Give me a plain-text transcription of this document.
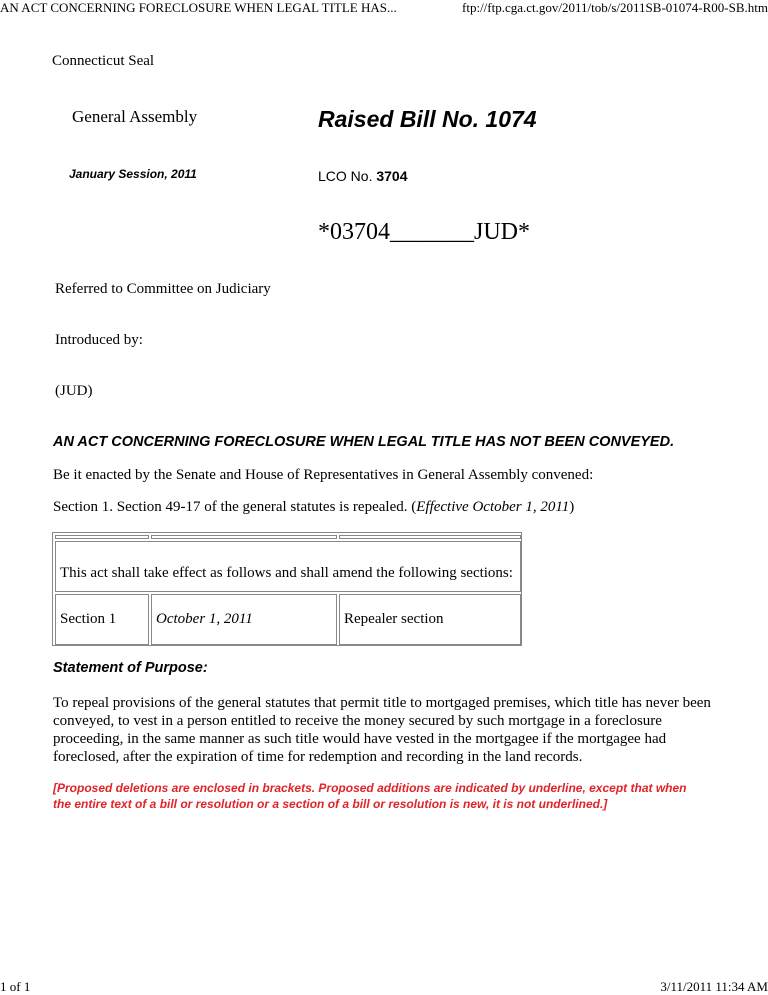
AN ACT CONCERNING FORECLOSURE WHEN LEGAL TITLE HAS...	ftp://ftp.cga.ct.gov/2011/tob/s/2011SB-01074-R00-SB.htm
Connecticut Seal
General Assembly	Raised Bill No. 1074
January Session, 2011	LCO No. 3704
*03704_______JUD*
Referred to Committee on Judiciary
Introduced by:
(JUD)
AN ACT CONCERNING FORECLOSURE WHEN LEGAL TITLE HAS NOT BEEN CONVEYED.
Be it enacted by the Senate and House of Representatives in General Assembly convened:
Section 1. Section 49-17 of the general statutes is repealed. (Effective October 1, 2011)
This act shall take effect as follows and shall amend the following sections:
Section 1	October 1, 2011	Repealer section
Statement of Purpose:
To repeal provisions of the general statutes that permit title to mortgaged premises, which title has never been
conveyed, to vest in a person entitled to receive the money secured by such mortgage in a foreclosure
proceeding, in the same manner as such title would have vested in the mortgagee if the mortgagee had
foreclosed, after the expiration of time for redemption and recording in the land records.
[Proposed deletions are enclosed in brackets. Proposed additions are indicated by underline, except that when
the entire text of a bill or resolution or a section of a bill or resolution is new, it is not underlined.]
1 of 1	3/11/2011 11:34 AM
